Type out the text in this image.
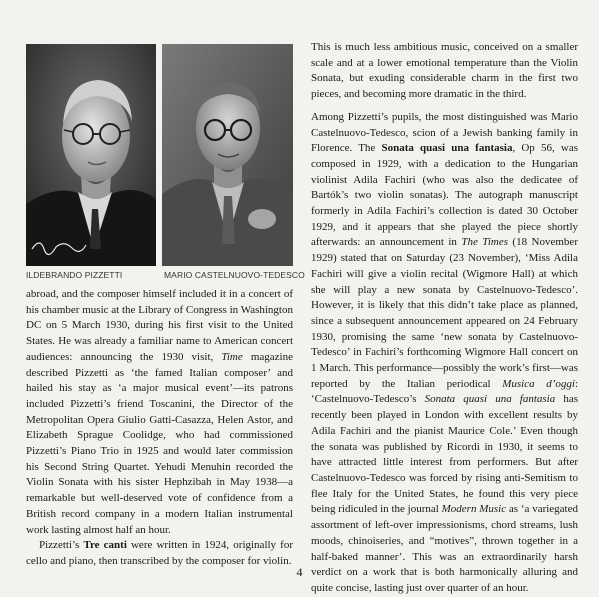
ILDEBRANDO PIZZETTI	MARIO CASTELNUOVO-TEDESCO

abroad, and the composer himself included it in a concert of his chamber music at the Library of Congress in Washington DC on 5 March 1930, during his first visit to the United States. He was already a familiar name to American concert audiences: announcing the 1930 visit, Time magazine described Pizzetti as ‘the famed Italian composer’ and hailed his stay as ‘a major musical event’—its patrons included Pizzetti’s friend Toscanini, the Director of the Metropolitan Opera Giulio Gatti-Casazza, Helen Astor, and Elizabeth Sprague Coolidge, who had commissioned Pizzetti’s Piano Trio in 1925 and would later commission his Second String Quartet. Yehudi Menuhin recorded the Violin Sonata with his sister Hephzibah in May 1938—a remarkable but well-deserved vote of confidence from a British record company in a modern Italian instrumental work lasting almost half an hour.

Pizzetti’s Tre canti were written in 1924, originally for cello and piano, then transcribed by the composer for violin.

This is much less ambitious music, conceived on a smaller scale and at a lower emotional temperature than the Violin Sonata, but exuding considerable charm in the first two pieces, and becoming more dramatic in the third.

Among Pizzetti’s pupils, the most distinguished was Mario Castelnuovo-Tedesco, scion of a Jewish banking family in Florence. The Sonata quasi una fantasia, Op 56, was composed in 1929, with a dedication to the Hungarian violinist Adila Fachiri (who was also the dedicatee of Bartók’s two violin sonatas). The autograph manuscript formerly in Adila Fachiri’s collection is dated 30 October 1929, and it appears that she played the piece shortly afterwards: an announcement in The Times (18 November 1929) stated that on Saturday (23 November), ‘Miss Adila Fachiri will give a violin recital (Wigmore Hall) at which she will play a new sonata by Castelnuovo-Tedesco’. However, it is likely that this didn’t take place as planned, since a subsequent announcement appeared on 24 February 1930, promising the same ‘new sonata by Castelnuovo-Tedesco’ in Fachiri’s forthcoming Wigmore Hall concert on 1 March. This performance—possibly the work’s first—was reported by the Italian periodical Musica d’oggi: ‘Castelnuovo-Tedesco’s Sonata quasi una fantasia has recently been played in London with excellent results by Adila Fachiri and the pianist Maurice Cole.’ Even though the sonata was published by Ricordi in 1930, it seems to have attracted little interest from performers. But after Castelnuovo-Tedesco was forced by rising anti-Semitism to flee Italy for the United States, he found this very piece being ridiculed in the journal Modern Music as ‘a variegated assortment of left-over impressionisms, chord streams, lush moods, chinoiseries, and “motives”, thrown together in a half-baked manner’. This was an extraordinarily harsh verdict on a work that is both harmonically alluring and quite concise, lasting just over quarter of an hour.

4
